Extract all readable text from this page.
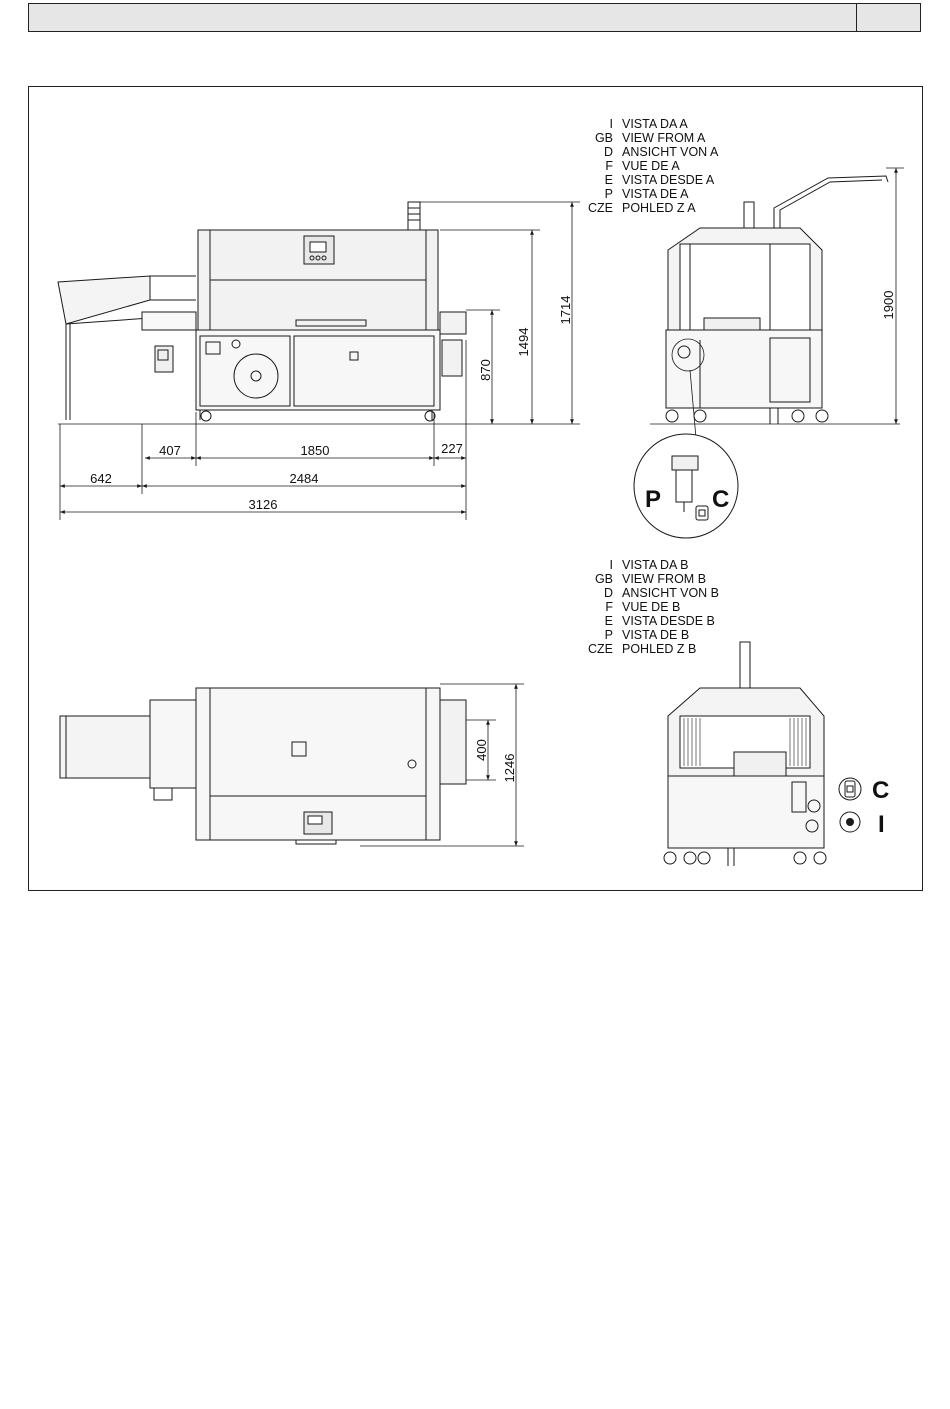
407	1850	227
642	2484
3126
870
1494
1714	1900
P C
400
1246
C
I
I VISTA DA A
GB VIEW FROM A
D ANSICHT VON A
F VUE DE A
E VISTA DESDE A
P VISTA DE A
CZE POHLED Z A
I VISTA DA B
GB VIEW FROM B
D ANSICHT VON B
F VUE DE B
E VISTA DESDE B
P VISTA DE B
CZE POHLED Z B
